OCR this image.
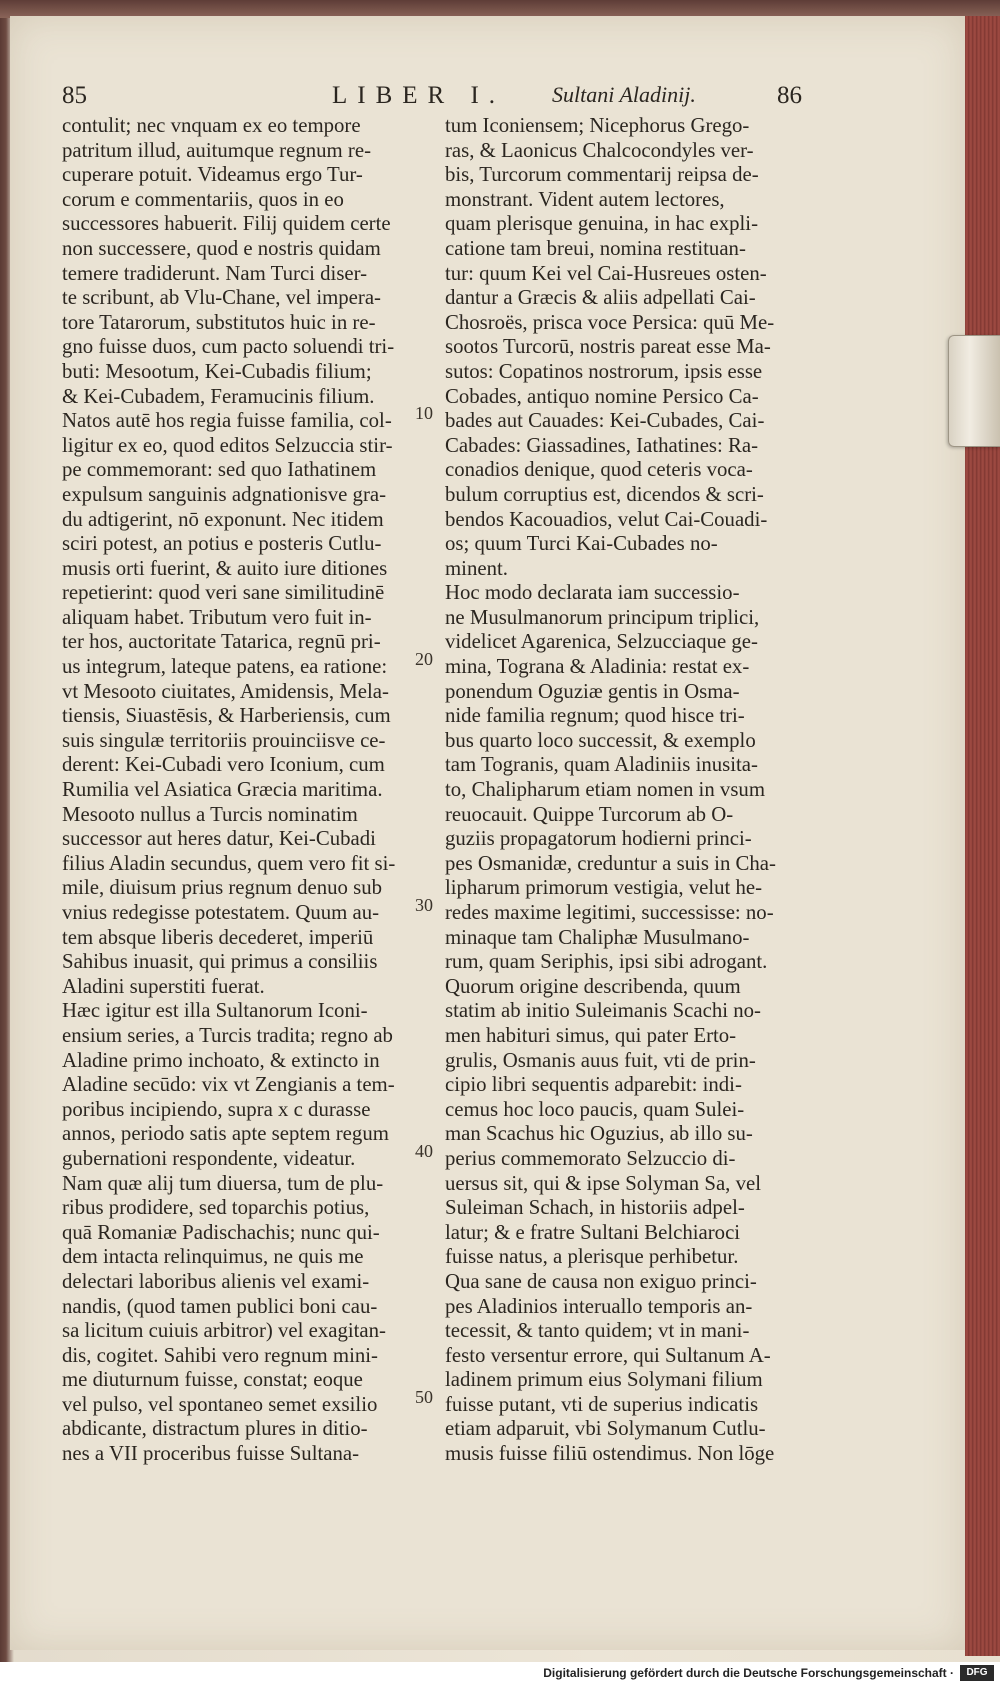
85	LIBER I. Sultani Aladinij.	86
contulit; nec vnquam ex eo tempore
patritum illud, auitumque regnum re-
cuperare potuit. Videamus ergo Tur-
corum e commentariis, quos in eo
successores habuerit. Filij quidem certe
non successere, quod e nostris quidam
temere tradiderunt. Nam Turci diser-
te scribunt, ab Vlu-Chane, vel impera-
tore Tatarorum, substitutos huic in re-
gno fuisse duos, cum pacto soluendi tri-
buti: Mesootum, Kei-Cubadis filium;
& Kei-Cubadem, Feramucinis filium.
Natos autē hos regia fuisse familia, col-
ligitur ex eo, quod editos Selzuccia stir-
pe commemorant: sed quo Iathatinem
expulsum sanguinis adgnationisve gra-
du adtigerint, nō exponunt. Nec itidem
sciri potest, an potius e posteris Cutlu-
musis orti fuerint, & auito iure ditiones
repetierint: quod veri sane similitudinē
aliquam habet. Tributum vero fuit in-
ter hos, auctoritate Tatarica, regnū pri-
us integrum, lateque patens, ea ratione:
vt Mesooto ciuitates, Amidensis, Mela-
tiensis, Siuastēsis, & Harberiensis, cum
suis singulæ territoriis prouinciisve ce-
derent: Kei-Cubadi vero Iconium, cum
Rumilia vel Asiatica Græcia maritima.
Mesooto nullus a Turcis nominatim
successor aut heres datur, Kei-Cubadi
filius Aladin secundus, quem vero fit si-
mile, diuisum prius regnum denuo sub
vnius redegisse potestatem. Quum au-
tem absque liberis decederet, imperiū
Sahibus inuasit, qui primus a consiliis
Aladini superstiti fuerat.
Hæc igitur est illa Sultanorum Iconi-
ensium series, a Turcis tradita; regno ab
Aladine primo inchoato, & extincto in
Aladine secūdo: vix vt Zengianis a tem-
poribus incipiendo, supra x c durasse
annos, periodo satis apte septem regum
gubernationi respondente, videatur.
Nam quæ alij tum diuersa, tum de plu-
ribus prodidere, sed toparchis potius,
quā Romaniæ Padischachis; nunc qui-
dem intacta relinquimus, ne quis me
delectari laboribus alienis vel exami-
nandis, (quod tamen publici boni cau-
sa licitum cuiuis arbitror) vel exagitan-
dis, cogitet. Sahibi vero regnum mini-
me diuturnum fuisse, constat; eoque
vel pulso, vel spontaneo semet exsilio
abdicante, distractum plures in ditio-
nes a VII proceribus fuisse Sultana-
tum Iconiensem; Nicephorus Grego-
ras, & Laonicus Chalcocondyles ver-
bis, Turcorum commentarij reipsa de-
monstrant. Vident autem lectores,
quam plerisque genuina, in hac expli-
catione tam breui, nomina restituan-
tur: quum Kei vel Cai-Husreues osten-
dantur a Græcis & aliis adpellati Cai-
Chosroës, prisca voce Persica: quū Me-
sootos Turcorū, nostris pareat esse Ma-
sutos: Copatinos nostrorum, ipsis esse
Cobades, antiquo nomine Persico Ca-
bades aut Cauades: Kei-Cubades, Cai-
Cabades: Giassadines, Iathatines: Ra-
conadios denique, quod ceteris voca-
bulum corruptius est, dicendos & scri-
bendos Kacouadios, velut Cai-Couadi-
os; quum Turci Kai-Cubades no-
minent.
Hoc modo declarata iam successio-
ne Musulmanorum principum triplici,
videlicet Agarenica, Selzucciaque ge-
mina, Tograna & Aladinia: restat ex-
ponendum Oguziæ gentis in Osma-
nide familia regnum; quod hisce tri-
bus quarto loco successit, & exemplo
tam Togranis, quam Aladiniis inusita-
to, Chalipharum etiam nomen in vsum
reuocauit. Quippe Turcorum ab O-
guziis propagatorum hodierni princi-
pes Osmanidæ, creduntur a suis in Cha-
lipharum primorum vestigia, velut he-
redes maxime legitimi, successisse: no-
minaque tam Chaliphæ Musulmano-
rum, quam Seriphis, ipsi sibi adrogant.
Quorum origine describenda, quum
statim ab initio Suleimanis Scachi no-
men habituri simus, qui pater Erto-
grulis, Osmanis auus fuit, vti de prin-
cipio libri sequentis adparebit: indi-
cemus hoc loco paucis, quam Sulei-
man Scachus hic Oguzius, ab illo su-
perius commemorato Selzuccio di-
uersus sit, qui & ipse Solyman Sa, vel
Suleiman Schach, in historiis adpel-
latur; & e fratre Sultani Belchiaroci
fuisse natus, a plerisque perhibetur.
Qua sane de causa non exiguo princi-
pes Aladinios interuallo temporis an-
tecessit, & tanto quidem; vt in mani-
festo versentur errore, qui Sultanum A-
ladinem primum eius Solymani filium
fuisse putant, vti de superius indicatis
etiam adparuit, vbi Solymanum Cutlu-
musis fuisse filiū ostendimus. Non lōge
10
20
30
40
50
Digitalisierung gefördert durch die Deutsche Forschungsgemeinschaft ·	DFG
